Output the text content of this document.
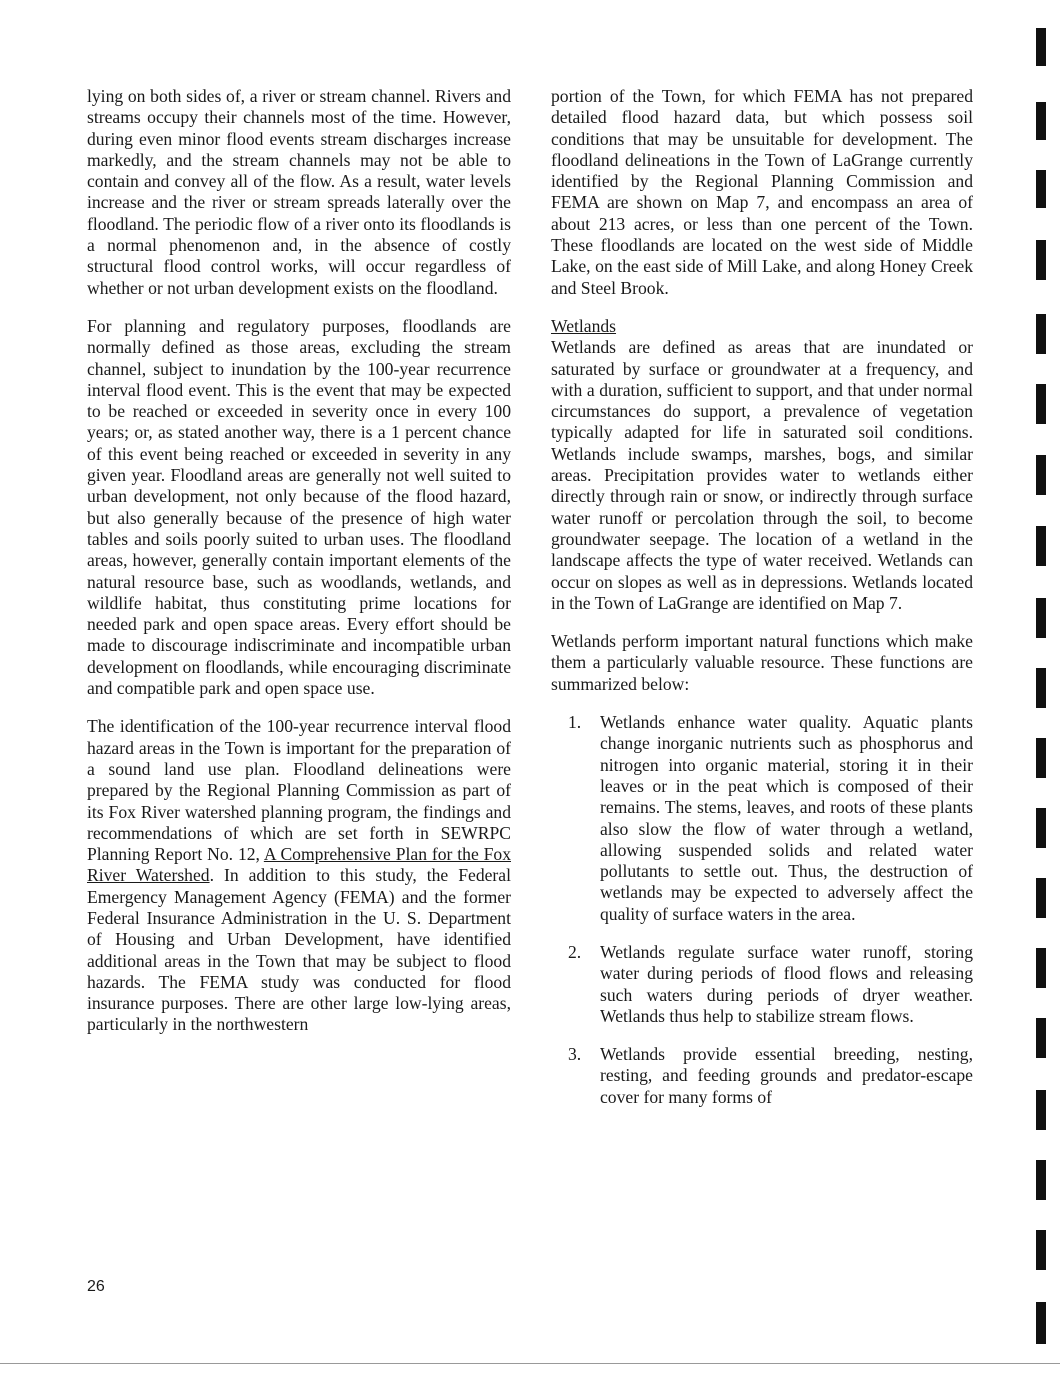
lying on both sides of, a river or stream channel. Rivers and streams occupy their channels most of the time. However, during even minor flood events stream discharges increase markedly, and the stream channels may not be able to contain and convey all of the flow. As a result, water levels increase and the river or stream spreads laterally over the floodland. The periodic flow of a river onto its floodlands is a normal phenomenon and, in the absence of costly structural flood control works, will occur regardless of whether or not urban development exists on the floodland.

For planning and regulatory purposes, floodlands are normally defined as those areas, excluding the stream channel, subject to inundation by the 100-year recurrence interval flood event. This is the event that may be expected to be reached or exceeded in severity once in every 100 years; or, as stated another way, there is a 1 percent chance of this event being reached or exceeded in severity in any given year. Floodland areas are generally not well suited to urban development, not only because of the flood hazard, but also generally because of the presence of high water tables and soils poorly suited to urban uses. The floodland areas, however, generally contain important elements of the natural resource base, such as woodlands, wetlands, and wildlife habitat, thus constituting prime locations for needed park and open space areas. Every effort should be made to discourage indiscriminate and incompatible urban development on floodlands, while encouraging discriminate and compatible park and open space use.

The identification of the 100-year recurrence interval flood hazard areas in the Town is important for the preparation of a sound land use plan. Floodland delineations were prepared by the Regional Planning Commission as part of its Fox River watershed planning program, the findings and recommendations of which are set forth in SEWRPC Planning Report No. 12, A Comprehensive Plan for the Fox River Watershed. In addition to this study, the Federal Emergency Management Agency (FEMA) and the former Federal Insurance Administration in the U. S. Department of Housing and Urban Development, have identified additional areas in the Town that may be subject to flood hazards. The FEMA study was conducted for flood insurance purposes. There are other large low-lying areas, particularly in the northwestern

portion of the Town, for which FEMA has not prepared detailed flood hazard data, but which possess soil conditions that may be unsuitable for development. The floodland delineations in the Town of LaGrange currently identified by the Regional Planning Commission and FEMA are shown on Map 7, and encompass an area of about 213 acres, or less than one percent of the Town. These floodlands are located on the west side of Middle Lake, on the east side of Mill Lake, and along Honey Creek and Steel Brook.

Wetlands
Wetlands are defined as areas that are inundated or saturated by surface or groundwater at a frequency, and with a duration, sufficient to support, and that under normal circumstances do support, a prevalence of vegetation typically adapted for life in saturated soil conditions. Wetlands include swamps, marshes, bogs, and similar areas. Precipitation provides water to wetlands either directly through rain or snow, or indirectly through surface water runoff or percolation through the soil, to become groundwater seepage. The location of a wetland in the landscape affects the type of water received. Wetlands can occur on slopes as well as in depressions. Wetlands located in the Town of LaGrange are identified on Map 7.

Wetlands perform important natural functions which make them a particularly valuable resource. These functions are summarized below:

1. Wetlands enhance water quality. Aquatic plants change inorganic nutrients such as phosphorus and nitrogen into organic material, storing it in their leaves or in the peat which is composed of their remains. The stems, leaves, and roots of these plants also slow the flow of water through a wetland, allowing suspended solids and related water pollutants to settle out. Thus, the destruction of wetlands may be expected to adversely affect the quality of surface waters in the area.
2. Wetlands regulate surface water runoff, storing water during periods of flood flows and releasing such waters during periods of dryer weather. Wetlands thus help to stabilize stream flows.
3. Wetlands provide essential breeding, nesting, resting, and feeding grounds and predator-escape cover for many forms of
26
